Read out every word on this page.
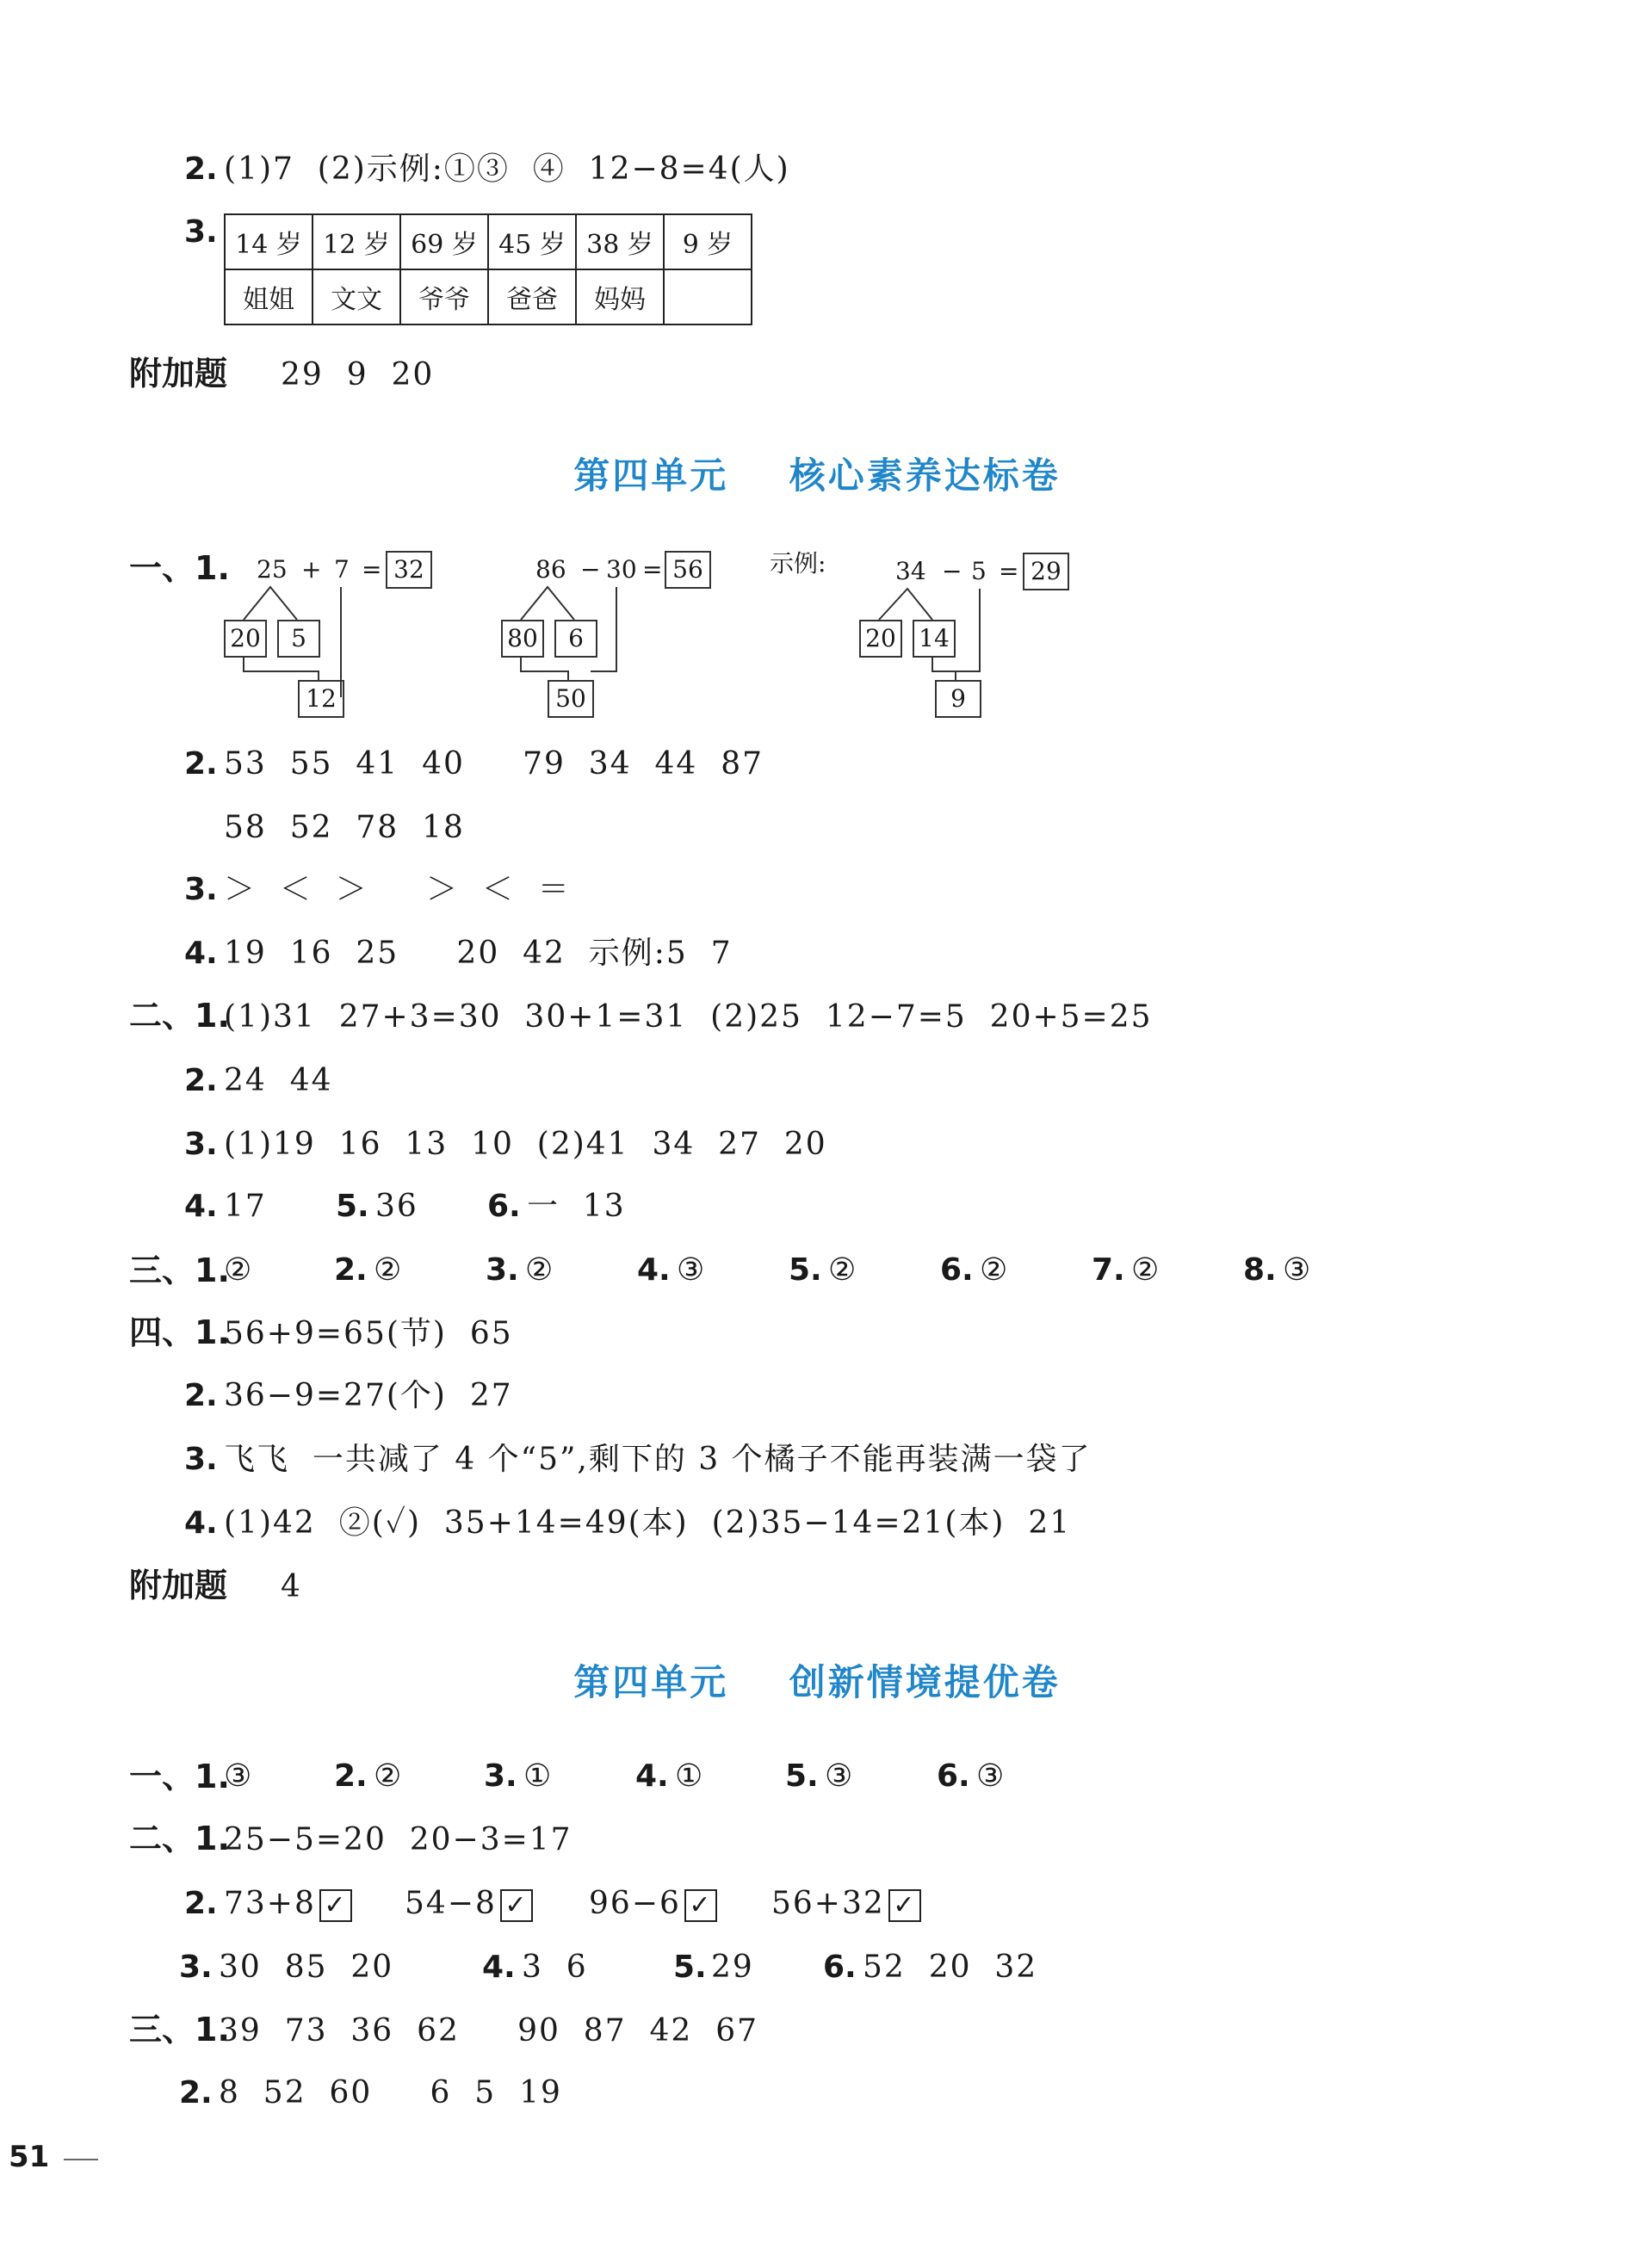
2. (1)7  (2)示例:①③  ④  12−8=4(人)
3. 14 岁	12 岁	69 岁	45 岁	38 岁	9 岁
姐姐	文文	爷爷	爸爸	妈妈	
附加题 29  9  20
第四单元    核心素养达标卷
一、1. 25 + 7 = 32
20	5
12
86 − 30 = 56
80	6
50
示例:	34 − 5 = 29
20 14
9
2. 53  55  41  40     79  34  44  87
58  52  78  18
3. ＞  ＜  ＞     ＞  ＜  ＝
4. 19  16  25     20  42  示例:5  7
二、1.
(1)31  27+3=30  30+1=31  (2)25  12−7=5  20+5=25
2. 24  44
3. (1)19  16  13  10  (2)41  34  27  20
4. 17 5. 36 6. 一  13
三、1.
②	2. ②	3. ②	4. ③	5. ②	6. ②	7. ②	8. ③
四、1.
56+9=65(节)  65
2. 36−9=27(个)  27
3. 飞飞  一共减了 4 个“5”,剩下的 3 个橘子不能再装满一袋了
4. (1)42  ②(✓)  35+14=49(本)  (2)35−14=21(本)  21
附加题 4
第四单元    创新情境提优卷
一、1.
③	2. ②	3. ①	4. ①	5. ③	6. ③
二、1.
25−5=20  20−3=17
2. 73+8 ✓ 54−8 ✓ 96−6 ✓ 56+32 ✓
3. 30  85  20	4. 3  6	5. 29 6. 52  20  32
三、1.
39  73  36  62     90  87  42  67
2. 8  52  60     6  5  19
51
